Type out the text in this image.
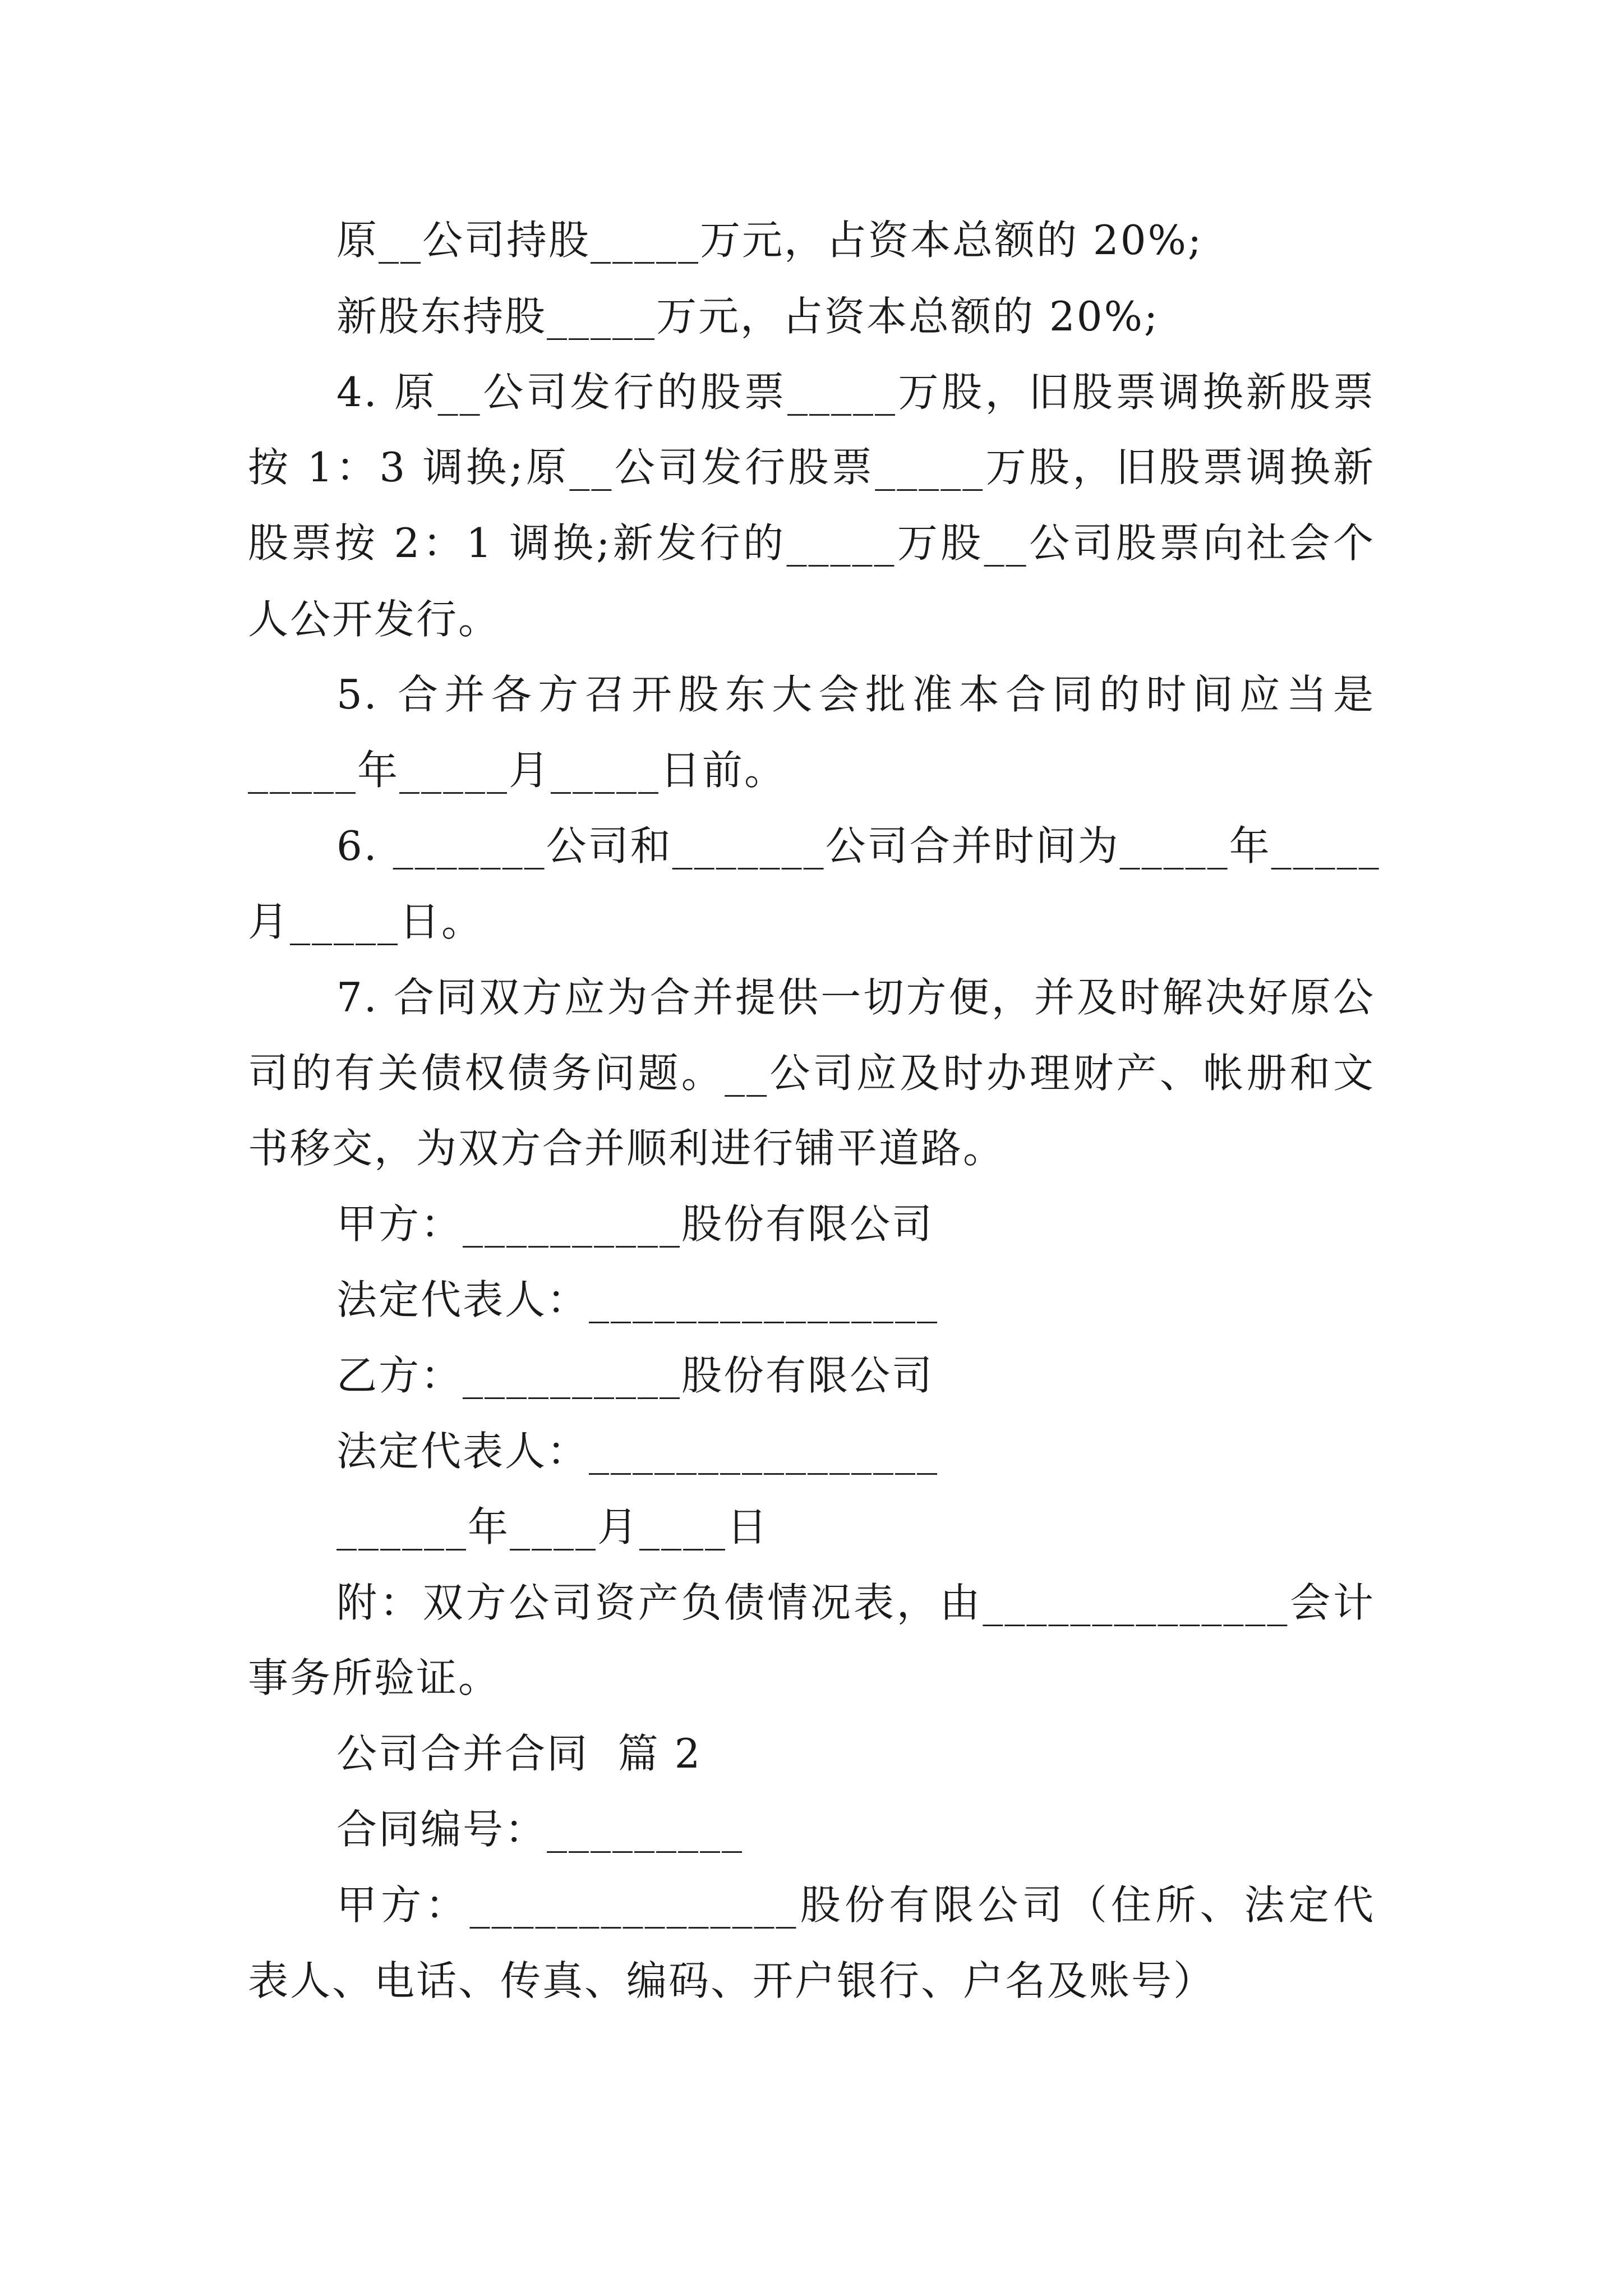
原__公司持股_____万元，占资本总额的 20%;
新股东持股_____万元，占资本总额的 20%;
4. 原__公司发行的股票_____万股，旧股票调换新股票
按 1：3 调换;原__公司发行股票_____万股，旧股票调换新
股票按 2：1 调换;新发行的_____万股__公司股票向社会个
人公开发行。
5. 合并各方召开股东大会批准本合同的时间应当是
_____年_____月_____日前。
6. _______公司和_______公司合并时间为_____年_____
月_____日。
7. 合同双方应为合并提供一切方便，并及时解决好原公
司的有关债权债务问题。__公司应及时办理财产、帐册和文
书移交，为双方合并顺利进行铺平道路。
甲方：__________股份有限公司
法定代表人：________________
乙方：__________股份有限公司
法定代表人：________________
______年____月____日
附：双方公司资产负债情况表，由______________会计
事务所验证。
公司合并合同  篇 2
合同编号：_________
甲方：_______________股份有限公司（住所、法定代
表人、电话、传真、编码、开户银行、户名及账号）
